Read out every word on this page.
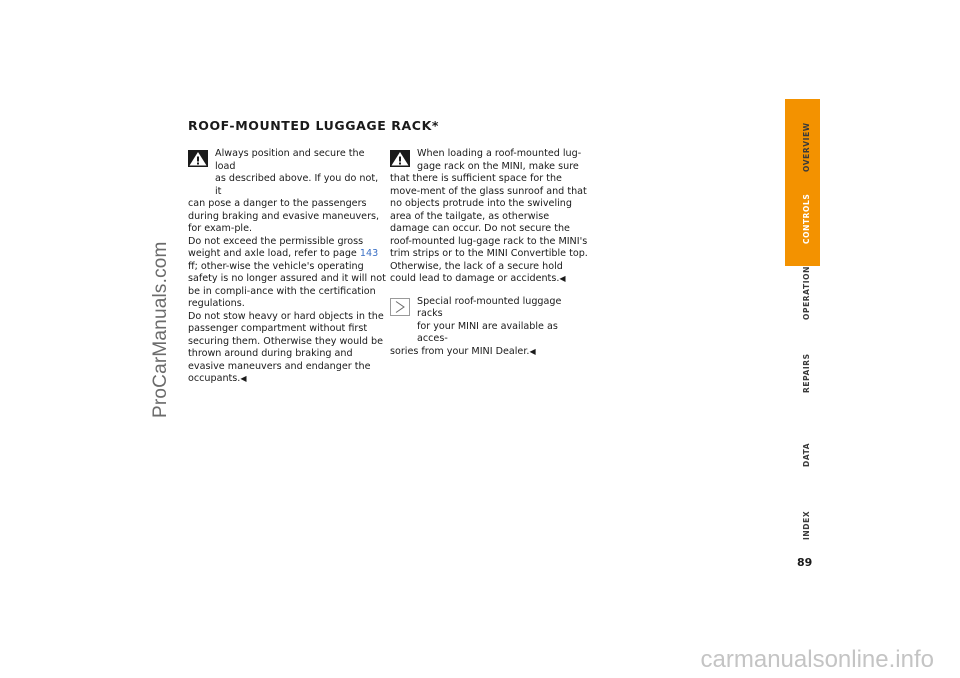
ProCarManuals.com
ROOF-MOUNTED LUGGAGE RACK*

Always position and secure the load
as described above. If you do not, it
can pose a danger to the passengers during braking and evasive maneuvers, for exam-ple.

Do not exceed the permissible gross weight and axle load, refer to page 143 ff; other-wise the vehicle's operating safety is no longer assured and it will not be in compli-ance with the certification regulations.

Do not stow heavy or hard objects in the passenger compartment without first securing them. Otherwise they would be thrown around during braking and evasive maneuvers and endanger the occupants.◀

When loading a roof-mounted lug-
gage rack on the MINI, make sure
that there is sufficient space for the move-ment of the glass sunroof and that no objects protrude into the swiveling area of the tailgate, as otherwise damage can occur. Do not secure the roof-mounted lug-gage rack to the MINI's trim strips or to the MINI Convertible top. Otherwise, the lack of a secure hold could lead to damage or accidents.◀

Special roof-mounted luggage racks
for your MINI are available as acces-
sories from your MINI Dealer.◀

OVERVIEW
CONTROLS
OPERATION
REPAIRS
DATA
INDEX
89
carmanualsonline.info
